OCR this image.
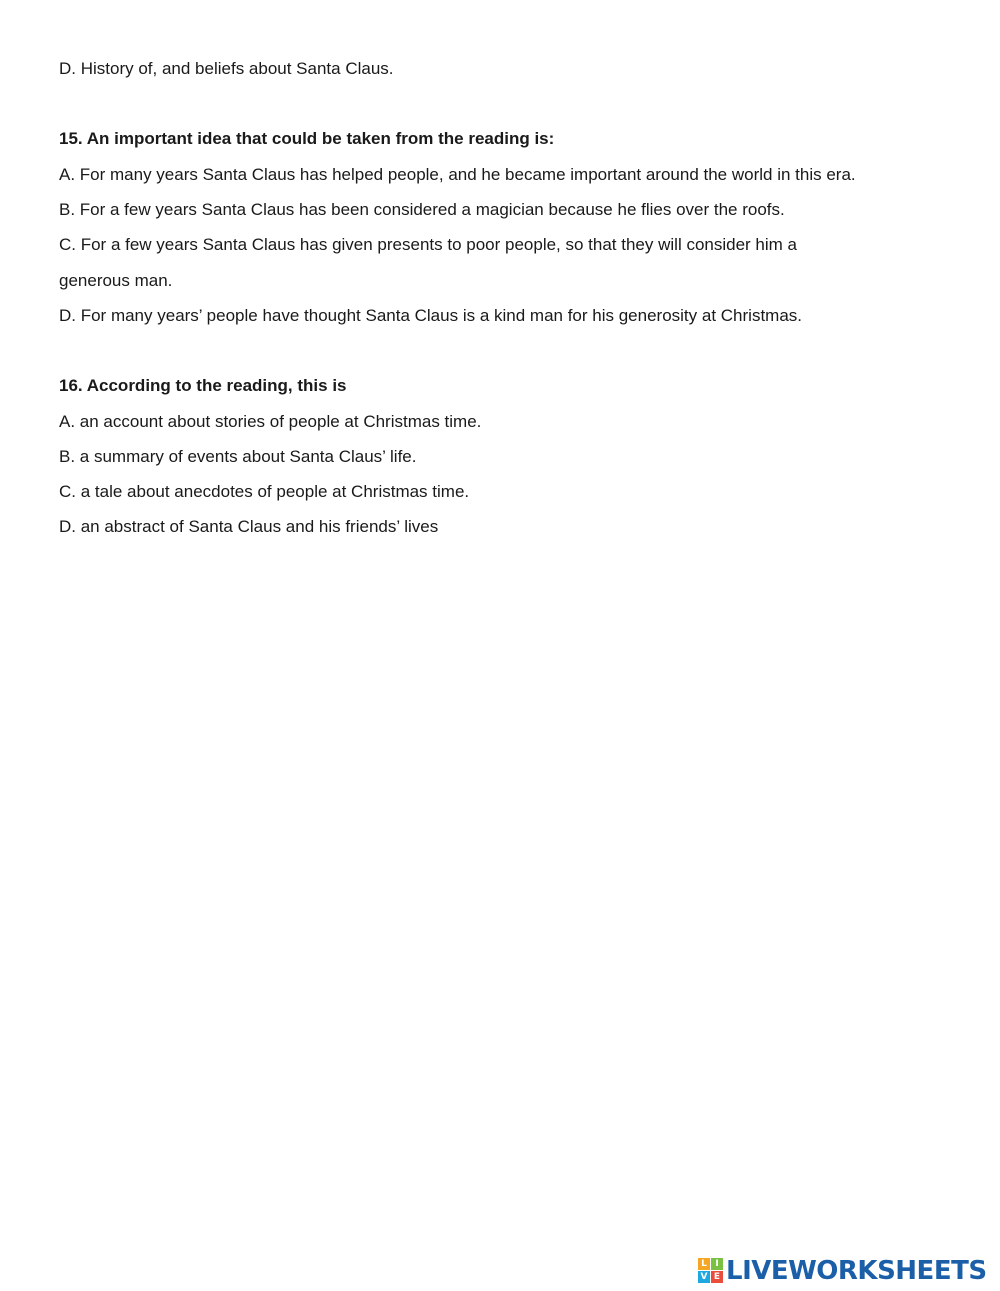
D. History of, and beliefs about Santa Claus.
15. An important idea that could be taken from the reading is:
A. For many years Santa Claus has helped people, and he became important around the world in this era.
B. For a few years Santa Claus has been considered a magician because he flies over the roofs.
C. For a few years Santa Claus has given presents to poor people, so that they will consider him a
generous man.
D. For many years’ people have thought Santa Claus is a kind man for his generosity at Christmas.
16. According to the reading, this is
A. an account about stories of people at Christmas time.
B. a summary of events about Santa Claus’ life.
C. a tale about anecdotes of people at Christmas time.
D. an abstract of Santa Claus and his friends’ lives
L I
V E LIVEWORKSHEETS
